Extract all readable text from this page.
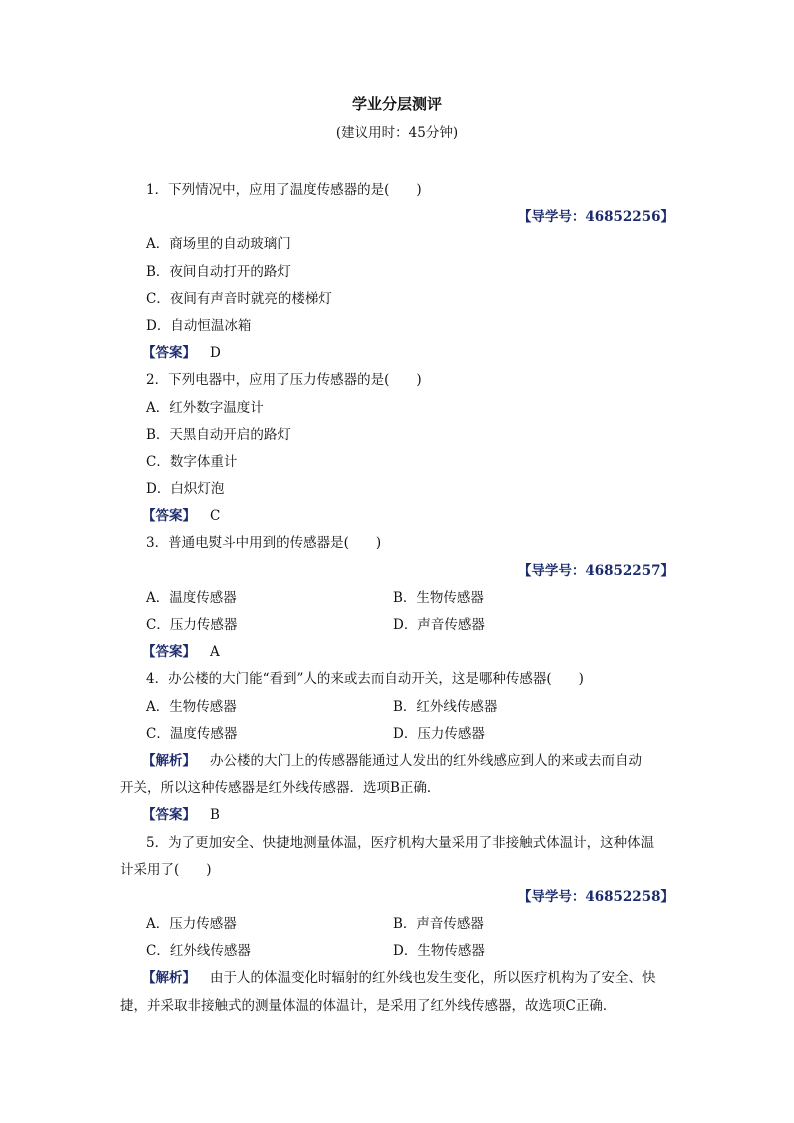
学业分层测评
(建议用时：45分钟)
1．下列情况中，应用了温度传感器的是(　　)
【导学号：46852256】
A．商场里的自动玻璃门
B．夜间自动打开的路灯
C．夜间有声音时就亮的楼梯灯
D．自动恒温冰箱
【答案】 D
2．下列电器中，应用了压力传感器的是(　　)
A．红外数字温度计
B．天黑自动开启的路灯
C．数字体重计
D．白炽灯泡
【答案】 C
3．普通电熨斗中用到的传感器是(　　)
【导学号：46852257】
A．温度传感器	B．生物传感器
C．压力传感器	D．声音传感器
【答案】 A
4．办公楼的大门能“看到”人的来或去而自动开关，这是哪种传感器(　　)
A．生物传感器	B．红外线传感器
C．温度传感器	D．压力传感器
【解析】 办公楼的大门上的传感器能通过人发出的红外线感应到人的来或去而自动
开关，所以这种传感器是红外线传感器．选项B正确．
【答案】 B
5．为了更加安全、快捷地测量体温，医疗机构大量采用了非接触式体温计，这种体温
计采用了(　　)
【导学号：46852258】
A．压力传感器	B．声音传感器
C．红外线传感器	D．生物传感器
【解析】 由于人的体温变化时辐射的红外线也发生变化，所以医疗机构为了安全、快
捷，并采取非接触式的测量体温的体温计，是采用了红外线传感器，故选项C正确．
